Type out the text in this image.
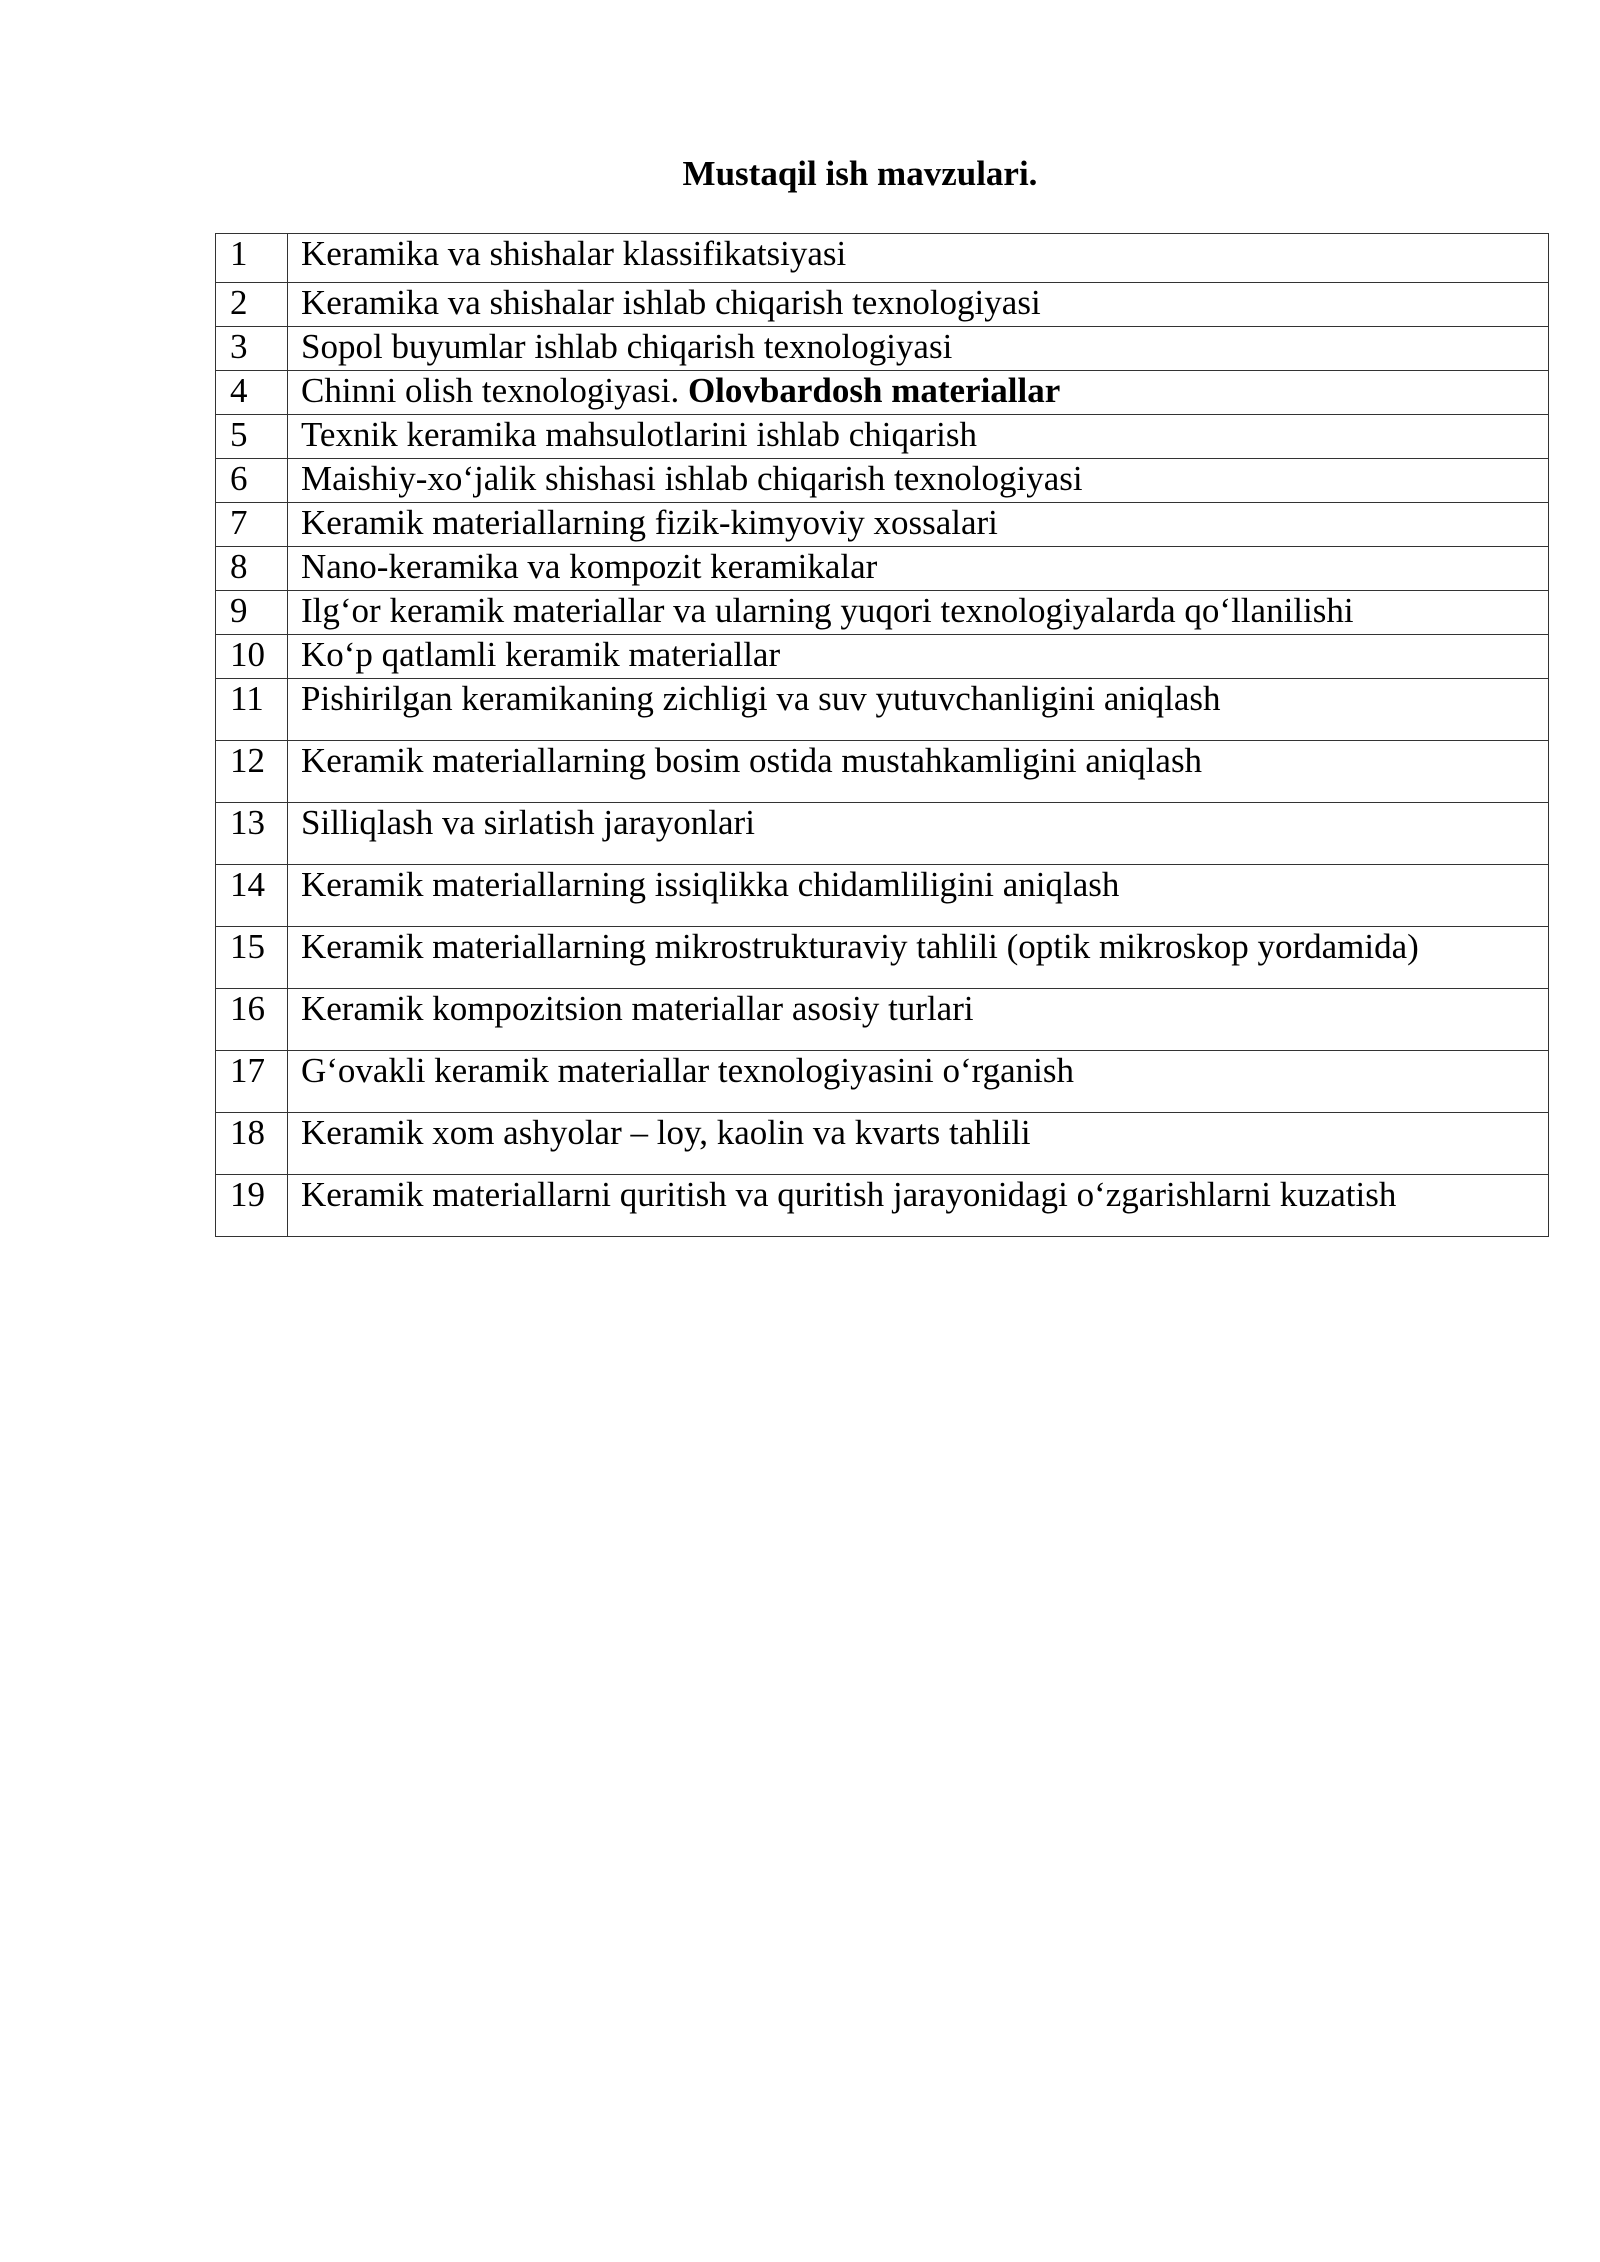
Mustaqil ish mavzulari.
1	Keramika va shishalar klassifikatsiyasi
2	Keramika va shishalar ishlab chiqarish texnologiyasi
3	Sopol buyumlar ishlab chiqarish texnologiyasi
4	Chinni olish texnologiyasi. Olovbardosh materiallar
5	Texnik keramika mahsulotlarini ishlab chiqarish
6	Maishiy-xo‘jalik shishasi ishlab chiqarish texnologiyasi
7	Keramik materiallarning fizik-kimyoviy xossalari
8	Nano-keramika va kompozit keramikalar
9	Ilg‘or keramik materiallar va ularning yuqori texnologiyalarda qo‘llanilishi
10	Ko‘p qatlamli keramik materiallar
11	Pishirilgan keramikaning zichligi va suv yutuvchanligini aniqlash
12	Keramik materiallarning bosim ostida mustahkamligini aniqlash
13	Silliqlash va sirlatish jarayonlari
14	Keramik materiallarning issiqlikka chidamliligini aniqlash
15	Keramik materiallarning mikrostrukturaviy tahlili (optik mikroskop yordamida)
16	Keramik kompozitsion materiallar asosiy turlari
17	G‘ovakli keramik materiallar texnologiyasini o‘rganish
18	Keramik xom ashyolar – loy, kaolin va kvarts tahlili
19	Keramik materiallarni quritish va quritish jarayonidagi o‘zgarishlarni kuzatish
